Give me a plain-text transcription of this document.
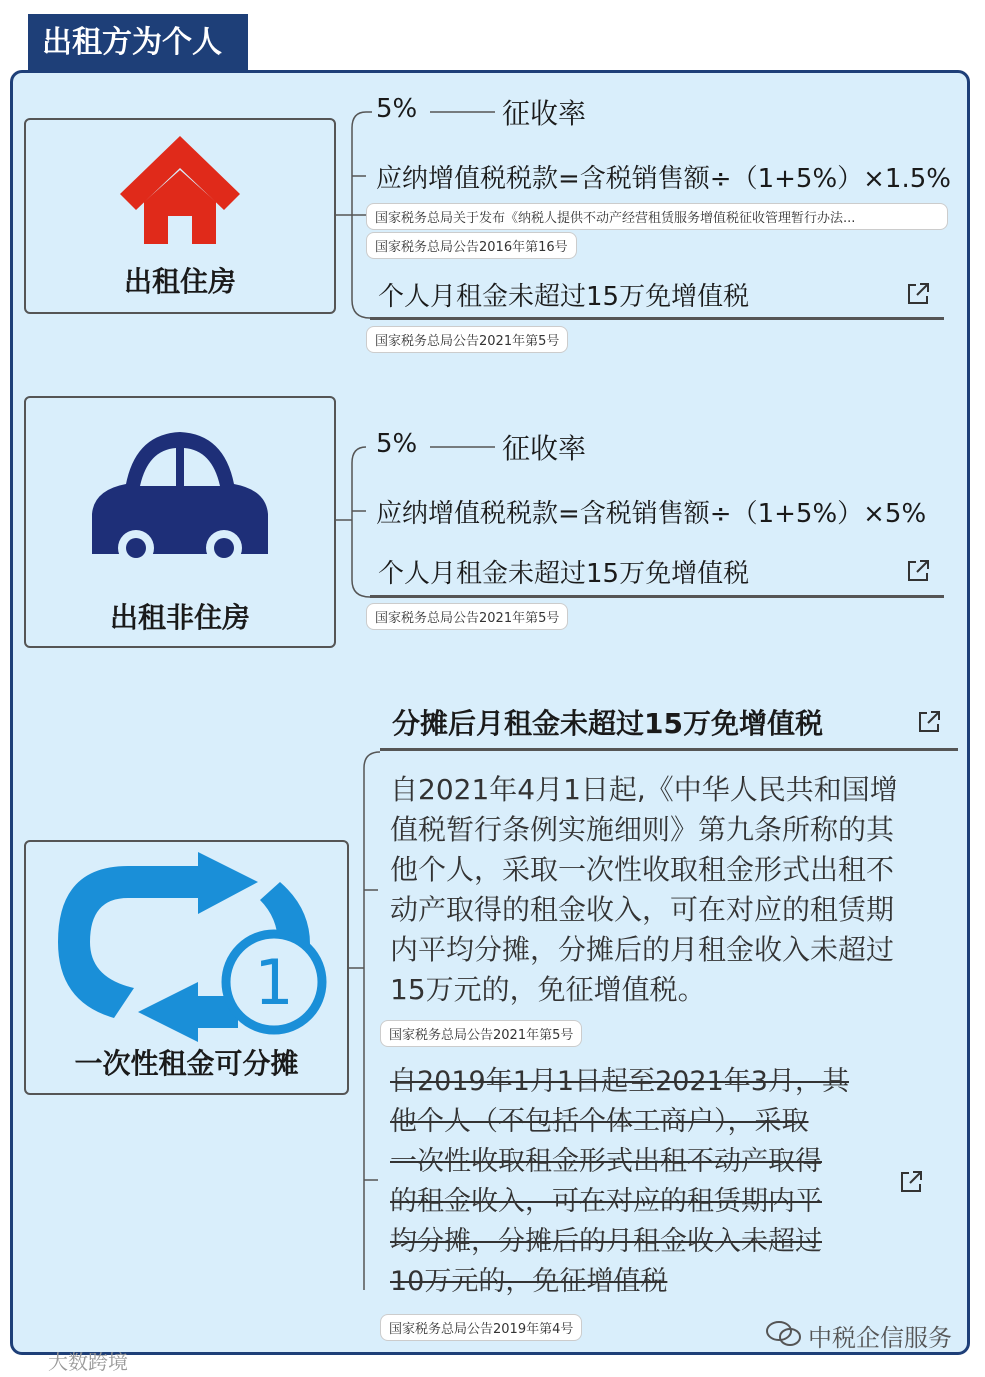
出租方为个人
出租住房
5%	征收率
应纳增值税税款=含税销售额÷（1+5%）×1.5%
国家税务总局关于发布《纳税人提供不动产经营租赁服务增值税征收管理暂行办法...
国家税务总局公告2016年第16号
个人月租金未超过15万免增值税
国家税务总局公告2021年第5号
出租非住房
5%	征收率
应纳增值税税款=含税销售额÷（1+5%）×5%
个人月租金未超过15万免增值税
国家税务总局公告2021年第5号
1
一次性租金可分摊
分摊后月租金未超过15万免增值税
自2021年4月1日起,《中华人民共和国增
值税暂行条例实施细则》第九条所称的其
他个人，采取一次性收取租金形式出租不
动产取得的租金收入，可在对应的租赁期
内平均分摊，分摊后的月租金收入未超过
15万元的，免征增值税。
国家税务总局公告2021年第5号
自2019年1月1日起至2021年3月，其
他个人（不包括个体工商户），采取
一次性收取租金形式出租不动产取得
的租金收入，可在对应的租赁期内平
均分摊，分摊后的月租金收入未超过
10万元的，免征增值税
国家税务总局公告2019年第4号	中税企信服务
大数跨境
